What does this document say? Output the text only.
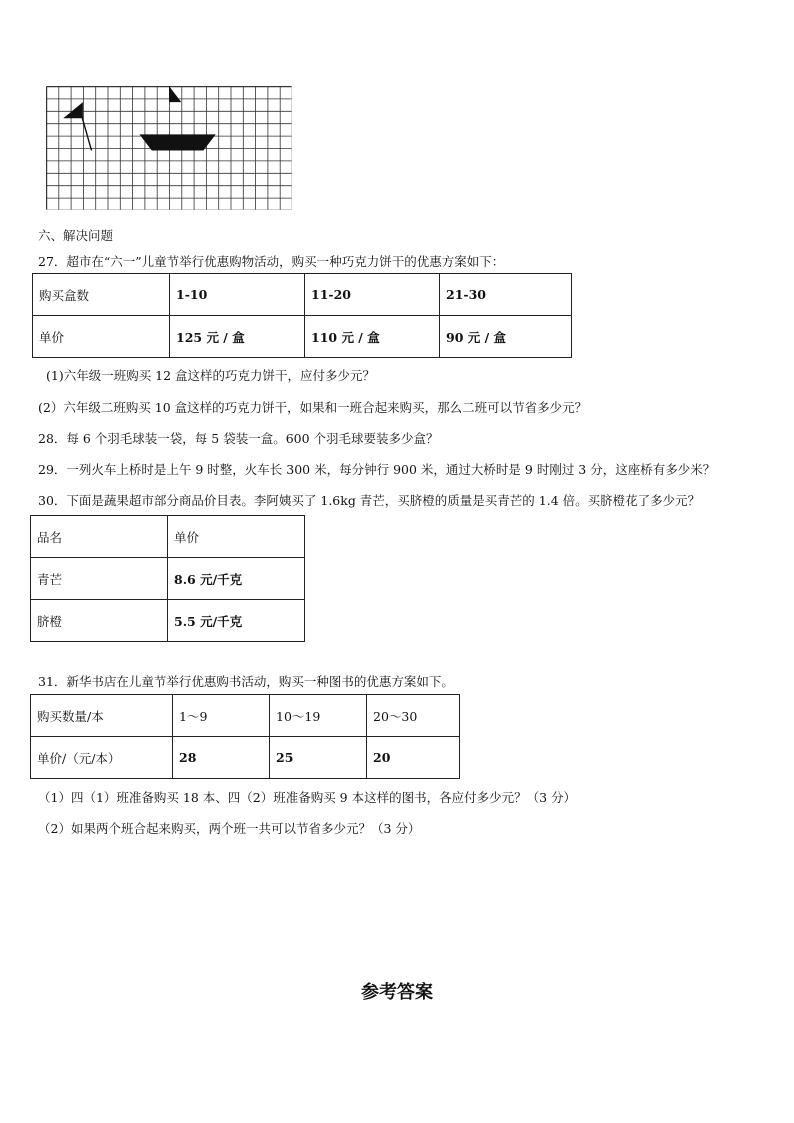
六、解决问题
27．超市在“六一”儿童节举行优惠购物活动，购买一种巧克力饼干的优惠方案如下：
购买盒数	1-10	11-20	21-30
单价	125 元 / 盒	110 元 / 盒	90 元 / 盒
(1)六年级一班购买 12 盒这样的巧克力饼干，应付多少元？
(2）六年级二班购买 10 盒这样的巧克力饼干，如果和一班合起来购买，那么二班可以节省多少元？
28．每 6 个羽毛球装一袋，每 5 袋装一盒。600 个羽毛球要装多少盒？
29．一列火车上桥时是上午 9 时整，火车长 300 米，每分钟行 900 米，通过大桥时是 9 时刚过 3 分，这座桥有多少米？
30．下面是蔬果超市部分商品价目表。李阿姨买了 1.6kg 青芒，买脐橙的质量是买青芒的 1.4 倍。买脐橙花了多少元？
品名	单价
青芒	8.6 元/千克
脐橙	5.5 元/千克
31．新华书店在儿童节举行优惠购书活动，购买一种图书的优惠方案如下。
购买数量/本	1～9	10～19	20～30
单价/（元/本）	28	25	20
（1）四（1）班准备购买 18 本、四（2）班准备购买 9 本这样的图书，各应付多少元？（3 分）
（2）如果两个班合起来购买，两个班一共可以节省多少元？（3 分）
参考答案
